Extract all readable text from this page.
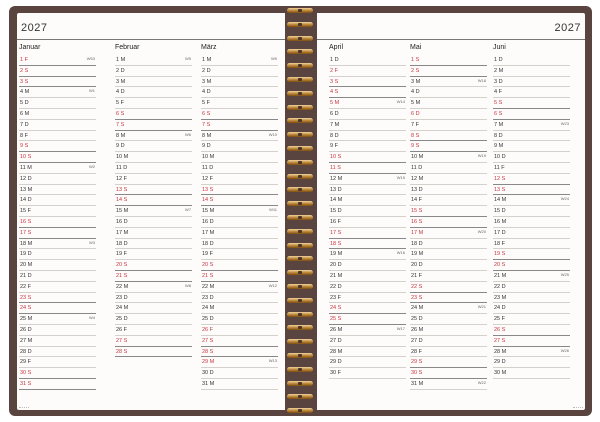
2027
Januar
1 F	W53
2 S
3 S
4 M	W1
5 D
6 M
7 D
8 F
9 S
10 S
11 M	W2
12 D
13 M
14 D
15 F
16 S
17 S
18 M	W3
19 D
20 M
21 D
22 F
23 S
24 S
25 M	W4
26 D
27 M
28 D
29 F
30 S
31 S
Februar
1 M	W5
2 D
3 M
4 D
5 F
6 S
7 S
8 M	W6
9 D
10 M
11 D
12 F
13 S
14 S
15 M	W7
16 D
17 M
18 D
19 F
20 S
21 S
22 M	W8
23 D
24 M
25 D
26 F
27 S
28 S
März
1 M	W9
2 D
3 M
4 D
5 F
6 S
7 S
8 M	W10
9 D
10 M
11 D
12 F
13 S
14 S
15 M	W11
16 D
17 M
18 D
19 F
20 S
21 S
22 M	W12
23 D
24 M
25 D
26 F
27 S
28 S
29 M	W13
30 D
31 M
2027
April
1 D
2 F
3 S
4 S
5 M	W14
6 D
7 M
8 D
9 F
10 S
11 S
12 M	W15
13 D
14 M
15 D
16 F
17 S
18 S
19 M	W16
20 D
21 M
22 D
23 F
24 S
25 S
26 M	W17
27 D
28 M
29 D
30 F
Mai
1 S
2 S
3 M	W18
4 D
5 M
6 D
7 F
8 S
9 S
10 M	W19
11 D
12 M
13 D
14 F
15 S
16 S
17 M	W20
18 D
19 M
20 D
21 F
22 S
23 S
24 M	W21
25 D
26 M
27 D
28 F
29 S
30 S
31 M	W22
Juni
1 D
2 M
3 D
4 F
5 S
6 S
7 M	W23
8 D
9 M
10 D
11 F
12 S
13 S
14 M	W24
15 D
16 M
17 D
18 F
19 S
20 S
21 M	W25
22 D
23 M
24 D
25 F
26 S
27 S
28 M	W26
29 D
30 M
